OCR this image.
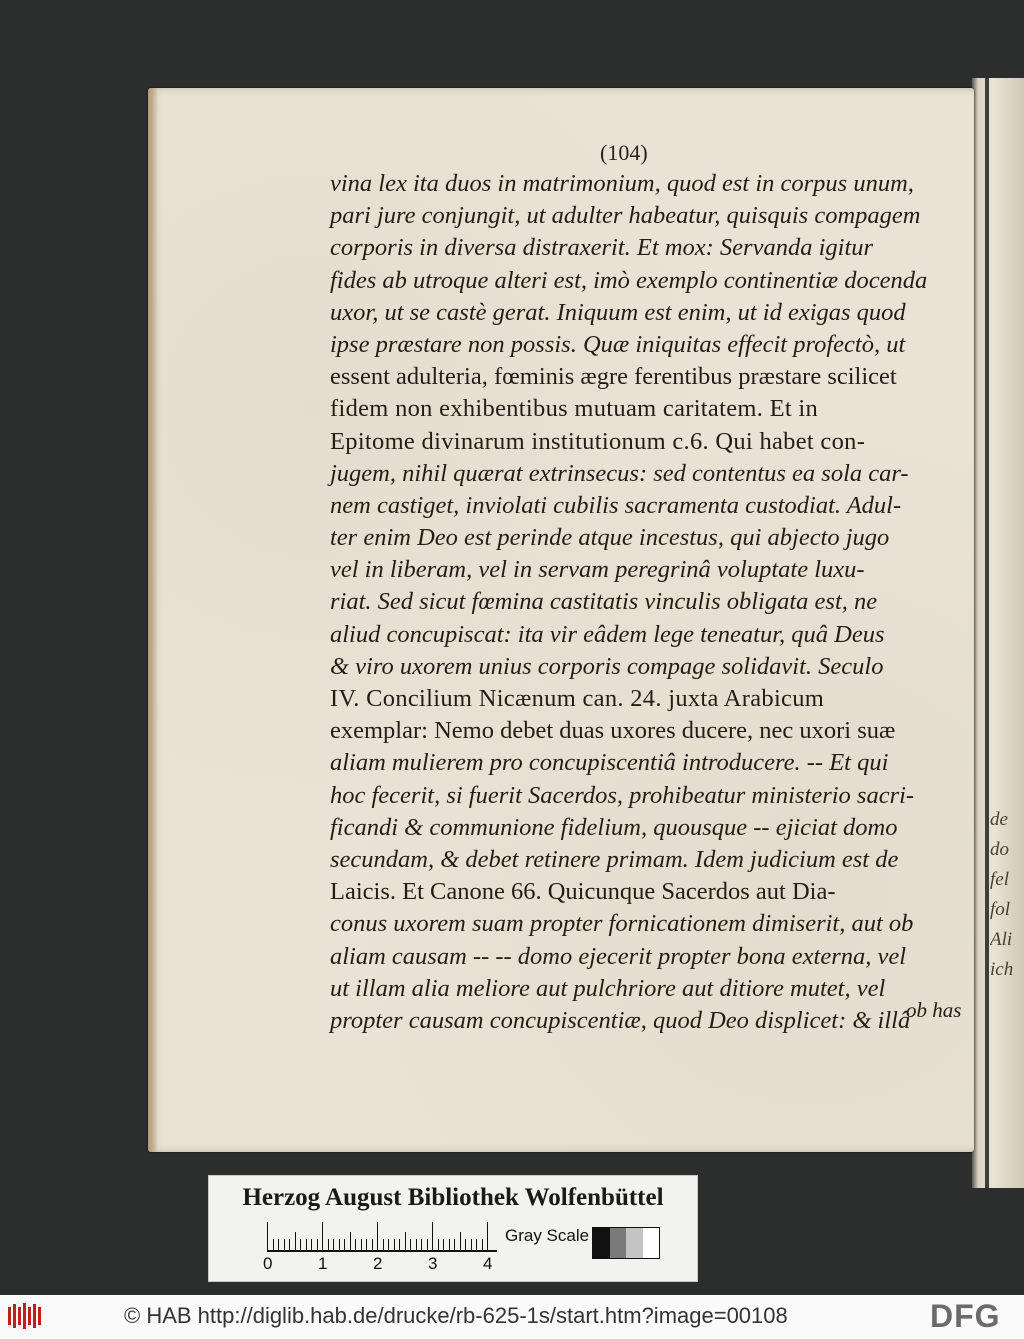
de
do
fel
fol
Ali
ich
(104)
vina lex ita duos in matrimonium, quod est in corpus unum,
pari jure conjungit, ut adulter habeatur, quisquis compagem
corporis in diversa distraxerit. Et mox: Servanda igitur
fides ab utroque alteri est, imò exemplo continentiæ docenda
uxor, ut se castè gerat. Iniquum est enim, ut id exigas quod
ipse præstare non possis. Quæ iniquitas effecit profectò, ut
essent adulteria, fœminis ægre ferentibus præstare scilicet
fidem non exhibentibus mutuam caritatem. Et in
Epitome divinarum institutionum c.6. Qui habet con-
jugem, nihil quærat extrinsecus: sed contentus ea sola car-
nem castiget, inviolati cubilis sacramenta custodiat. Adul-
ter enim Deo est perinde atque incestus, qui abjecto jugo
vel in liberam, vel in servam peregrinâ voluptate luxu-
riat. Sed sicut fœmina castitatis vinculis obligata est, ne
aliud concupiscat: ita vir eâdem lege teneatur, quâ Deus
& viro uxorem unius corporis compage solidavit. Seculo
IV. Concilium Nicænum can. 24. juxta Arabicum
exemplar: Nemo debet duas uxores ducere, nec uxori suæ
aliam mulierem pro concupiscentiâ introducere. -- Et qui
hoc fecerit, si fuerit Sacerdos, prohibeatur ministerio sacri-
ficandi & communione fidelium, quousque -- ejiciat domo
secundam, & debet retinere primam. Idem judicium est de
Laicis. Et Canone 66. Quicunque Sacerdos aut Dia-
conus uxorem suam propter fornicationem dimiserit, aut ob
aliam causam -- -- domo ejecerit propter bona externa, vel
ut illam alia meliore aut pulchriore aut ditiore mutet, vel
propter causam concupiscentiæ, quod Deo displicet: & illâ
ob has
Herzog August Bibliothek Wolfenbüttel
0	1	2	3	4
Gray Scale
© HAB http://diglib.hab.de/drucke/rb-625-1s/start.htm?image=00108	DFG
